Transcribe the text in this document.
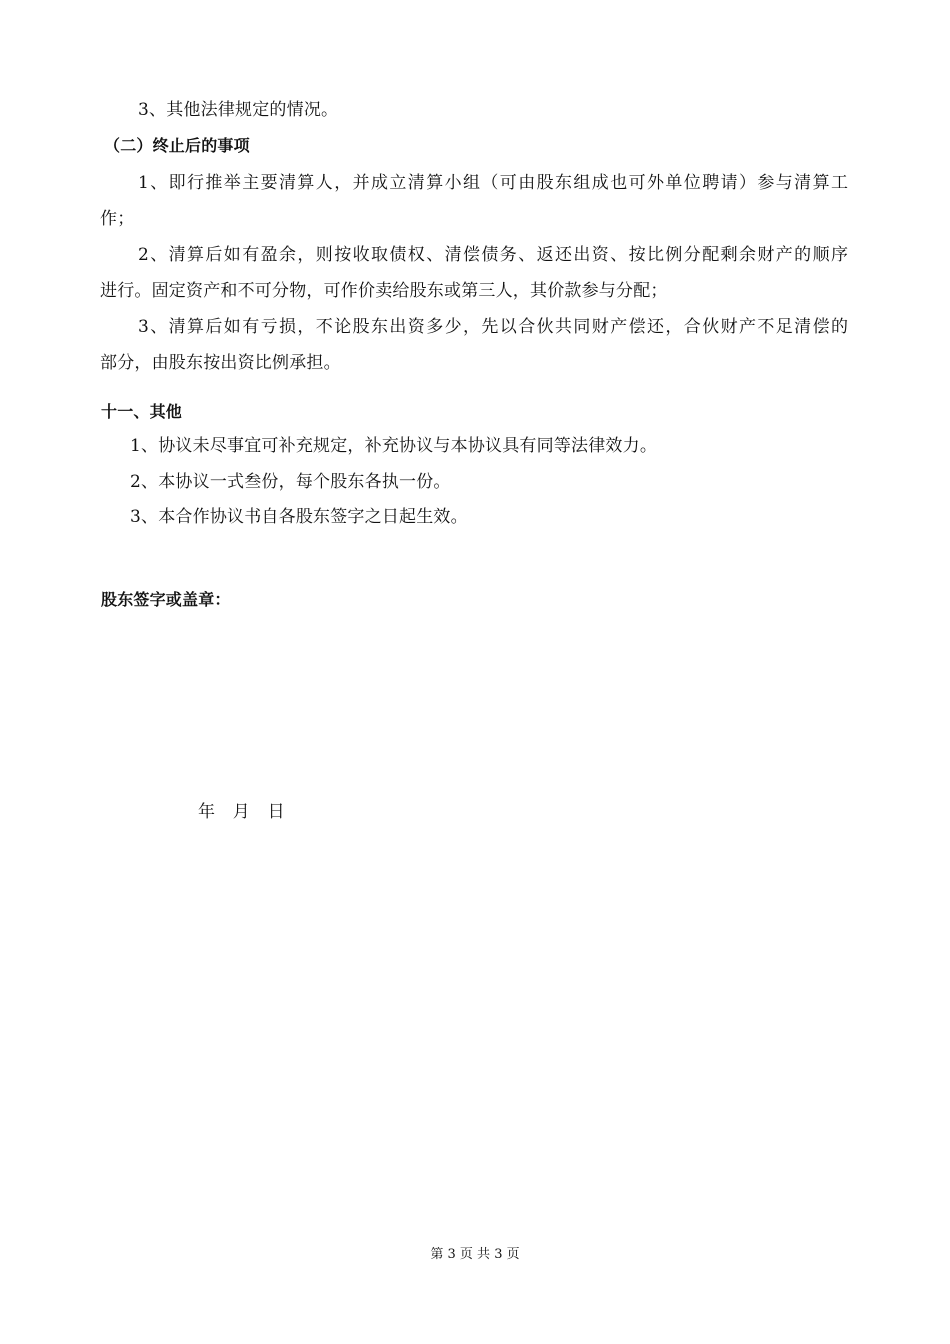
3、其他法律规定的情况。
（二）终止后的事项
1、即行推举主要清算人，并成立清算小组（可由股东组成也可外单位聘请）参与清算工
作；
2、清算后如有盈余，则按收取债权、清偿债务、返还出资、按比例分配剩余财产的顺序
进行。固定资产和不可分物，可作价卖给股东或第三人，其价款参与分配；
3、清算后如有亏损，不论股东出资多少，先以合伙共同财产偿还，合伙财产不足清偿的
部分，由股东按出资比例承担。
十一、其他
1、协议未尽事宜可补充规定，补充协议与本协议具有同等法律效力。
2、本协议一式叁份，每个股东各执一份。
3、本合作协议书自各股东签字之日起生效。
股东签字或盖章：
年 月 日
第 3 页 共 3 页
